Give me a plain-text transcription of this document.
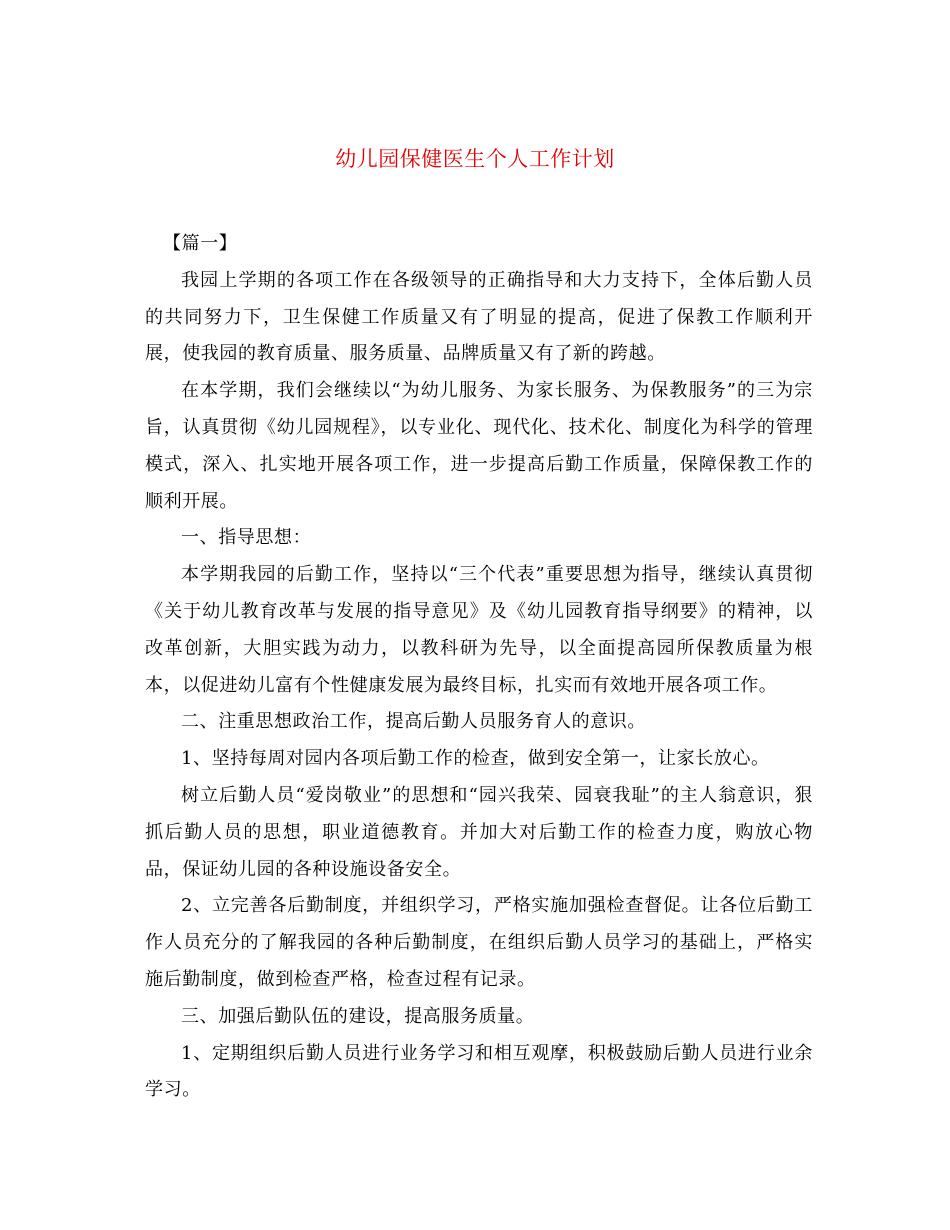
幼儿园保健医生个人工作计划

【篇一】

我园上学期的各项工作在各级领导的正确指导和大力支持下，全体后勤人员的共同努力下，卫生保健工作质量又有了明显的提高，促进了保教工作顺利开展，使我园的教育质量、服务质量、品牌质量又有了新的跨越。

在本学期，我们会继续以“为幼儿服务、为家长服务、为保教服务”的三为宗旨，认真贯彻《幼儿园规程》，以专业化、现代化、技术化、制度化为科学的管理模式，深入、扎实地开展各项工作，进一步提高后勤工作质量，保障保教工作的顺利开展。

一、指导思想：

本学期我园的后勤工作，坚持以“三个代表”重要思想为指导，继续认真贯彻《关于幼儿教育改革与发展的指导意见》及《幼儿园教育指导纲要》的精神，以改革创新，大胆实践为动力，以教科研为先导，以全面提高园所保教质量为根本，以促进幼儿富有个性健康发展为最终目标，扎实而有效地开展各项工作。

二、注重思想政治工作，提高后勤人员服务育人的意识。

1、坚持每周对园内各项后勤工作的检查，做到安全第一，让家长放心。

树立后勤人员“爱岗敬业”的思想和“园兴我荣、园衰我耻”的主人翁意识，狠抓后勤人员的思想，职业道德教育。并加大对后勤工作的检查力度，购放心物品，保证幼儿园的各种设施设备安全。

2、立完善各后勤制度，并组织学习，严格实施加强检查督促。让各位后勤工作人员充分的了解我园的各种后勤制度，在组织后勤人员学习的基础上，严格实施后勤制度，做到检查严格，检查过程有记录。

三、加强后勤队伍的建设，提高服务质量。

1、定期组织后勤人员进行业务学习和相互观摩，积极鼓励后勤人员进行业余学习。
